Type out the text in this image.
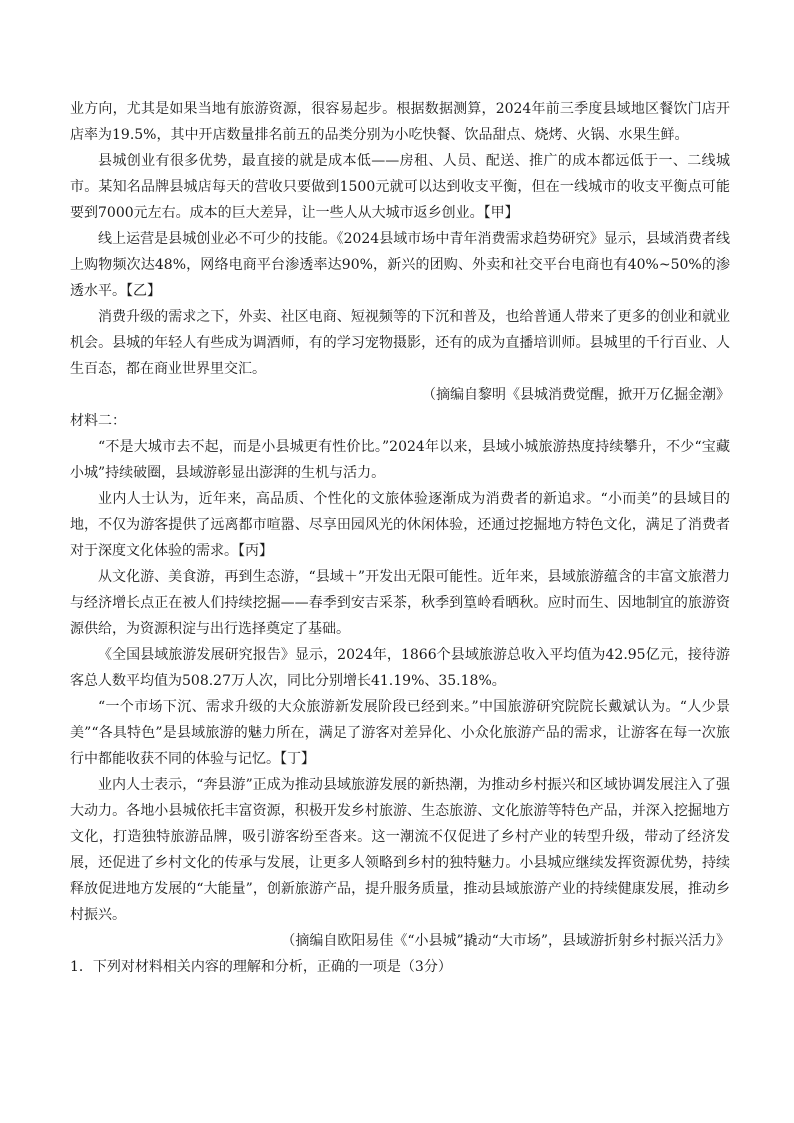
业方向，尤其是如果当地有旅游资源，很容易起步。根据数据测算，2024年前三季度县域地区餐饮门店开店率为19.5%，其中开店数量排名前五的品类分别为小吃快餐、饮品甜点、烧烤、火锅、水果生鲜。

县城创业有很多优势，最直接的就是成本低——房租、人员、配送、推广的成本都远低于一、二线城市。某知名品牌县城店每天的营收只要做到1500元就可以达到收支平衡，但在一线城市的收支平衡点可能要到7000元左右。成本的巨大差异，让一些人从大城市返乡创业。【甲】

线上运营是县城创业必不可少的技能。《2024县域市场中青年消费需求趋势研究》显示，县域消费者线上购物频次达48%，网络电商平台渗透率达90%，新兴的团购、外卖和社交平台电商也有40%~50%的渗透水平。【乙】

消费升级的需求之下，外卖、社区电商、短视频等的下沉和普及，也给普通人带来了更多的创业和就业机会。县城的年轻人有些成为调酒师，有的学习宠物摄影，还有的成为直播培训师。县城里的千行百业、人生百态，都在商业世界里交汇。

（摘编自黎明《县城消费觉醒，掀开万亿掘金潮》

材料二：

“不是大城市去不起，而是小县城更有性价比。”2024年以来，县域小城旅游热度持续攀升，不少“宝藏小城”持续破圈，县域游彰显出澎湃的生机与活力。

业内人士认为，近年来，高品质、个性化的文旅体验逐渐成为消费者的新追求。“小而美”的县域目的地，不仅为游客提供了远离都市喧嚣、尽享田园风光的休闲体验，还通过挖掘地方特色文化，满足了消费者对于深度文化体验的需求。【丙】

从文化游、美食游，再到生态游，“县域＋”开发出无限可能性。近年来，县域旅游蕴含的丰富文旅潜力与经济增长点正在被人们持续挖掘——春季到安吉采茶，秋季到篁岭看晒秋。应时而生、因地制宜的旅游资源供给，为资源积淀与出行选择奠定了基础。

《全国县域旅游发展研究报告》显示，2024年，1866个县域旅游总收入平均值为42.95亿元，接待游客总人数平均值为508.27万人次，同比分别增长41.19%、35.18%。

“一个市场下沉、需求升级的大众旅游新发展阶段已经到来。”中国旅游研究院院长戴斌认为。“人少景美”“各具特色”是县域旅游的魅力所在，满足了游客对差异化、小众化旅游产品的需求，让游客在每一次旅行中都能收获不同的体验与记忆。【丁】

业内人士表示，“奔县游”正成为推动县域旅游发展的新热潮，为推动乡村振兴和区域协调发展注入了强大动力。各地小县城依托丰富资源，积极开发乡村旅游、生态旅游、文化旅游等特色产品，并深入挖掘地方文化，打造独特旅游品牌，吸引游客纷至沓来。这一潮流不仅促进了乡村产业的转型升级，带动了经济发展，还促进了乡村文化的传承与发展，让更多人领略到乡村的独特魅力。小县城应继续发挥资源优势，持续释放促进地方发展的“大能量”，创新旅游产品，提升服务质量，推动县域旅游产业的持续健康发展，推动乡村振兴。

（摘编自欧阳易佳《“小县城”撬动“大市场”，县域游折射乡村振兴活力》

1．下列对材料相关内容的理解和分析，正确的一项是（3分）
